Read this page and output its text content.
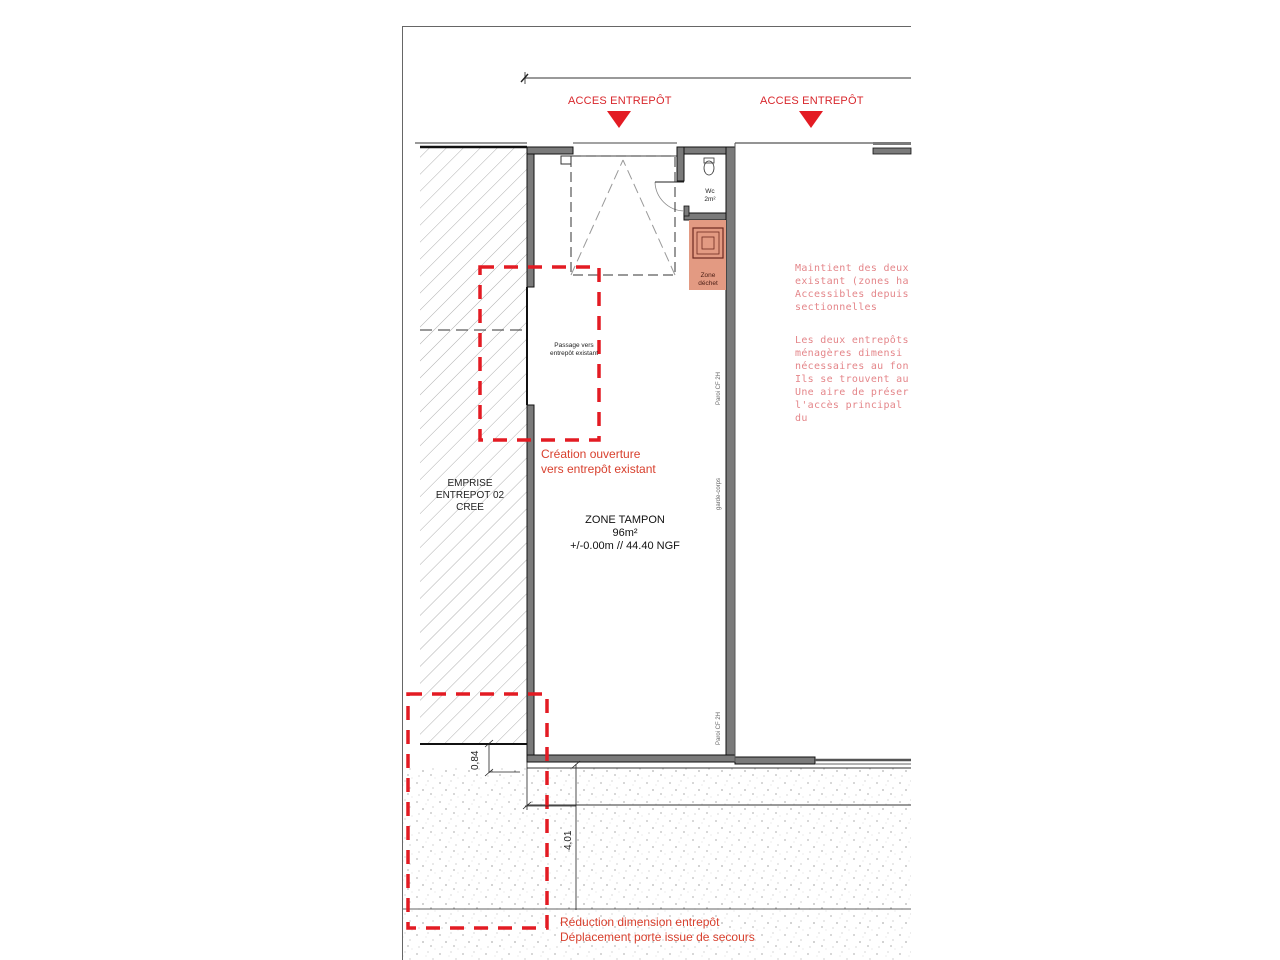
ACCES ENTREPÔT	ACCES ENTREPÔT
Wc
2m²
Zone
déchet
Passage vers
entrepôt existant
EMPRISE
ENTREPOT 02
CREE
ZONE TAMPON
96m²
+/-0.00m // 44.40 NGF
Paroi CF 2H
garde-corps
Paroi CF 2H
Création ouverture
vers entrepôt existant
Réduction dimension entrepôt
Déplacement porte issue de secours
0,84
4,01
Maintient des deux
existant (zones ha
Accessibles depuis
sectionnelles
Les deux entrepôts
ménagères dimensi
nécessaires au fon
Ils se trouvent au
Une aire de préser
l'accès principal du
